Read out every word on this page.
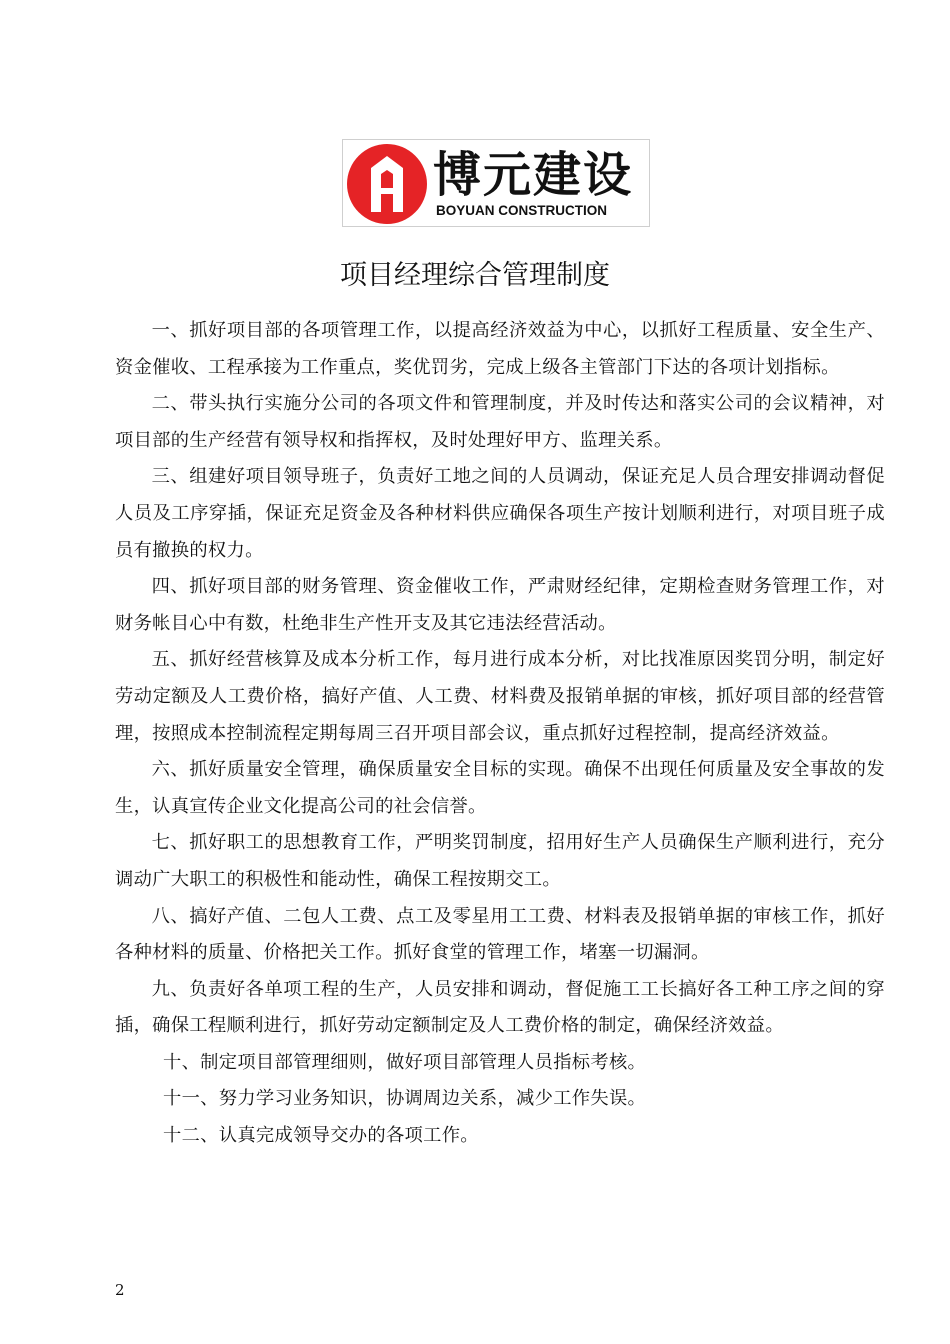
博元建设
BOYUAN CONSTRUCTION
项目经理综合管理制度

一、抓好项目部的各项管理工作，以提高经济效益为中心，以抓好工程质量、安全生产、资金催收、工程承接为工作重点，奖优罚劣，完成上级各主管部门下达的各项计划指标。

二、带头执行实施分公司的各项文件和管理制度，并及时传达和落实公司的会议精神，对项目部的生产经营有领导权和指挥权，及时处理好甲方、监理关系。

三、组建好项目领导班子，负责好工地之间的人员调动，保证充足人员合理安排调动督促人员及工序穿插，保证充足资金及各种材料供应确保各项生产按计划顺利进行，对项目班子成员有撤换的权力。

四、抓好项目部的财务管理、资金催收工作，严肃财经纪律，定期检查财务管理工作，对财务帐目心中有数，杜绝非生产性开支及其它违法经营活动。

五、抓好经营核算及成本分析工作，每月进行成本分析，对比找准原因奖罚分明，制定好劳动定额及人工费价格，搞好产值、人工费、材料费及报销单据的审核，抓好项目部的经营管理，按照成本控制流程定期每周三召开项目部会议，重点抓好过程控制，提高经济效益。

六、抓好质量安全管理，确保质量安全目标的实现。确保不出现任何质量及安全事故的发生，认真宣传企业文化提高公司的社会信誉。

七、抓好职工的思想教育工作，严明奖罚制度，招用好生产人员确保生产顺利进行，充分调动广大职工的积极性和能动性，确保工程按期交工。

八、搞好产值、二包人工费、点工及零星用工工费、材料表及报销单据的审核工作，抓好各种材料的质量、价格把关工作。抓好食堂的管理工作，堵塞一切漏洞。

九、负责好各单项工程的生产，人员安排和调动，督促施工工长搞好各工种工序之间的穿插，确保工程顺利进行，抓好劳动定额制定及人工费价格的制定，确保经济效益。

十、制定项目部管理细则，做好项目部管理人员指标考核。

十一、努力学习业务知识，协调周边关系，减少工作失误。

十二、认真完成领导交办的各项工作。

2
